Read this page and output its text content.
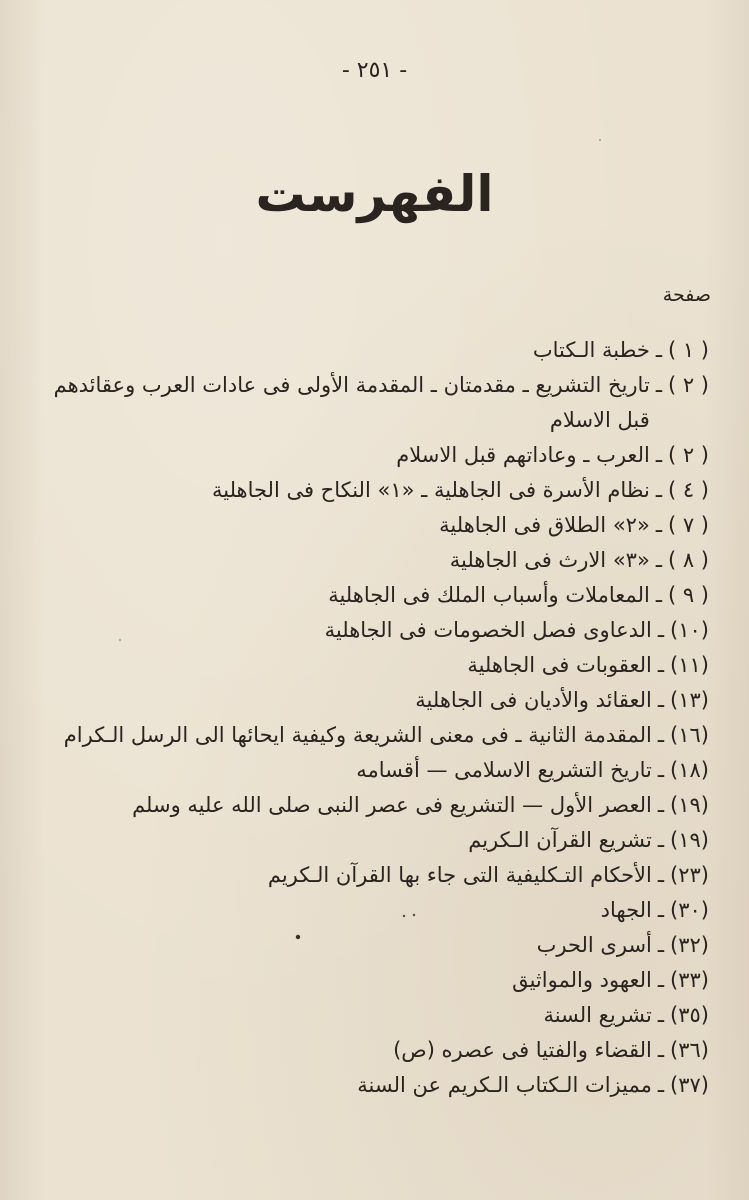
- ٢٥١ -
الفهرست
صفحة
( ١ )
ـ
خطبة الـكتاب
( ٢ )
ـ
تاريخ التشريع ـ مقدمتان ـ المقدمة الأولى فى عادات العرب وعقائدهم
قبل الاسلام
( ٢ )
ـ
العرب ـ وعاداتهم قبل الاسلام
( ٤ )
ـ
نظام الأسرة فى الجاهلية ـ «١» النكاح فى الجاهلية
( ٧ )
ـ
«٢» الطلاق فى الجاهلية
( ٨ )
ـ
«٣» الارث فى الجاهلية
( ٩ )
ـ
المعاملات وأسباب الملك فى الجاهلية
(١٠)
ـ
الدعاوى فصل الخصومات فى الجاهلية
(١١)
ـ
العقوبات فى الجاهلية
(١٣)
ـ
العقائد والأديان فى الجاهلية
(١٦)
ـ
المقدمة الثانية ـ فى معنى الشريعة وكيفية ايحائها الى الرسل الـكرام
(١٨)
ـ
تاريخ التشريع الاسلامى — أقسامه
(١٩)
ـ
العصر الأول — التشريع فى عصر النبى صلى الله عليه وسلم
(١٩)
ـ
تشريع القرآن الـكريم
(٢٣)
ـ
الأحكام التـكليفية التى جاء بها القرآن الـكريم
(٣٠)
ـ
الجهاد
(٣٢)
ـ
أسرى الحرب
(٣٣)
ـ
العهود والمواثيق
(٣٥)
ـ
تشريع السنة
(٣٦)
ـ
القضاء والفتيا فى عصره (ص)
(٣٧)
ـ
مميزات الـكتاب الـكريم عن السنة
